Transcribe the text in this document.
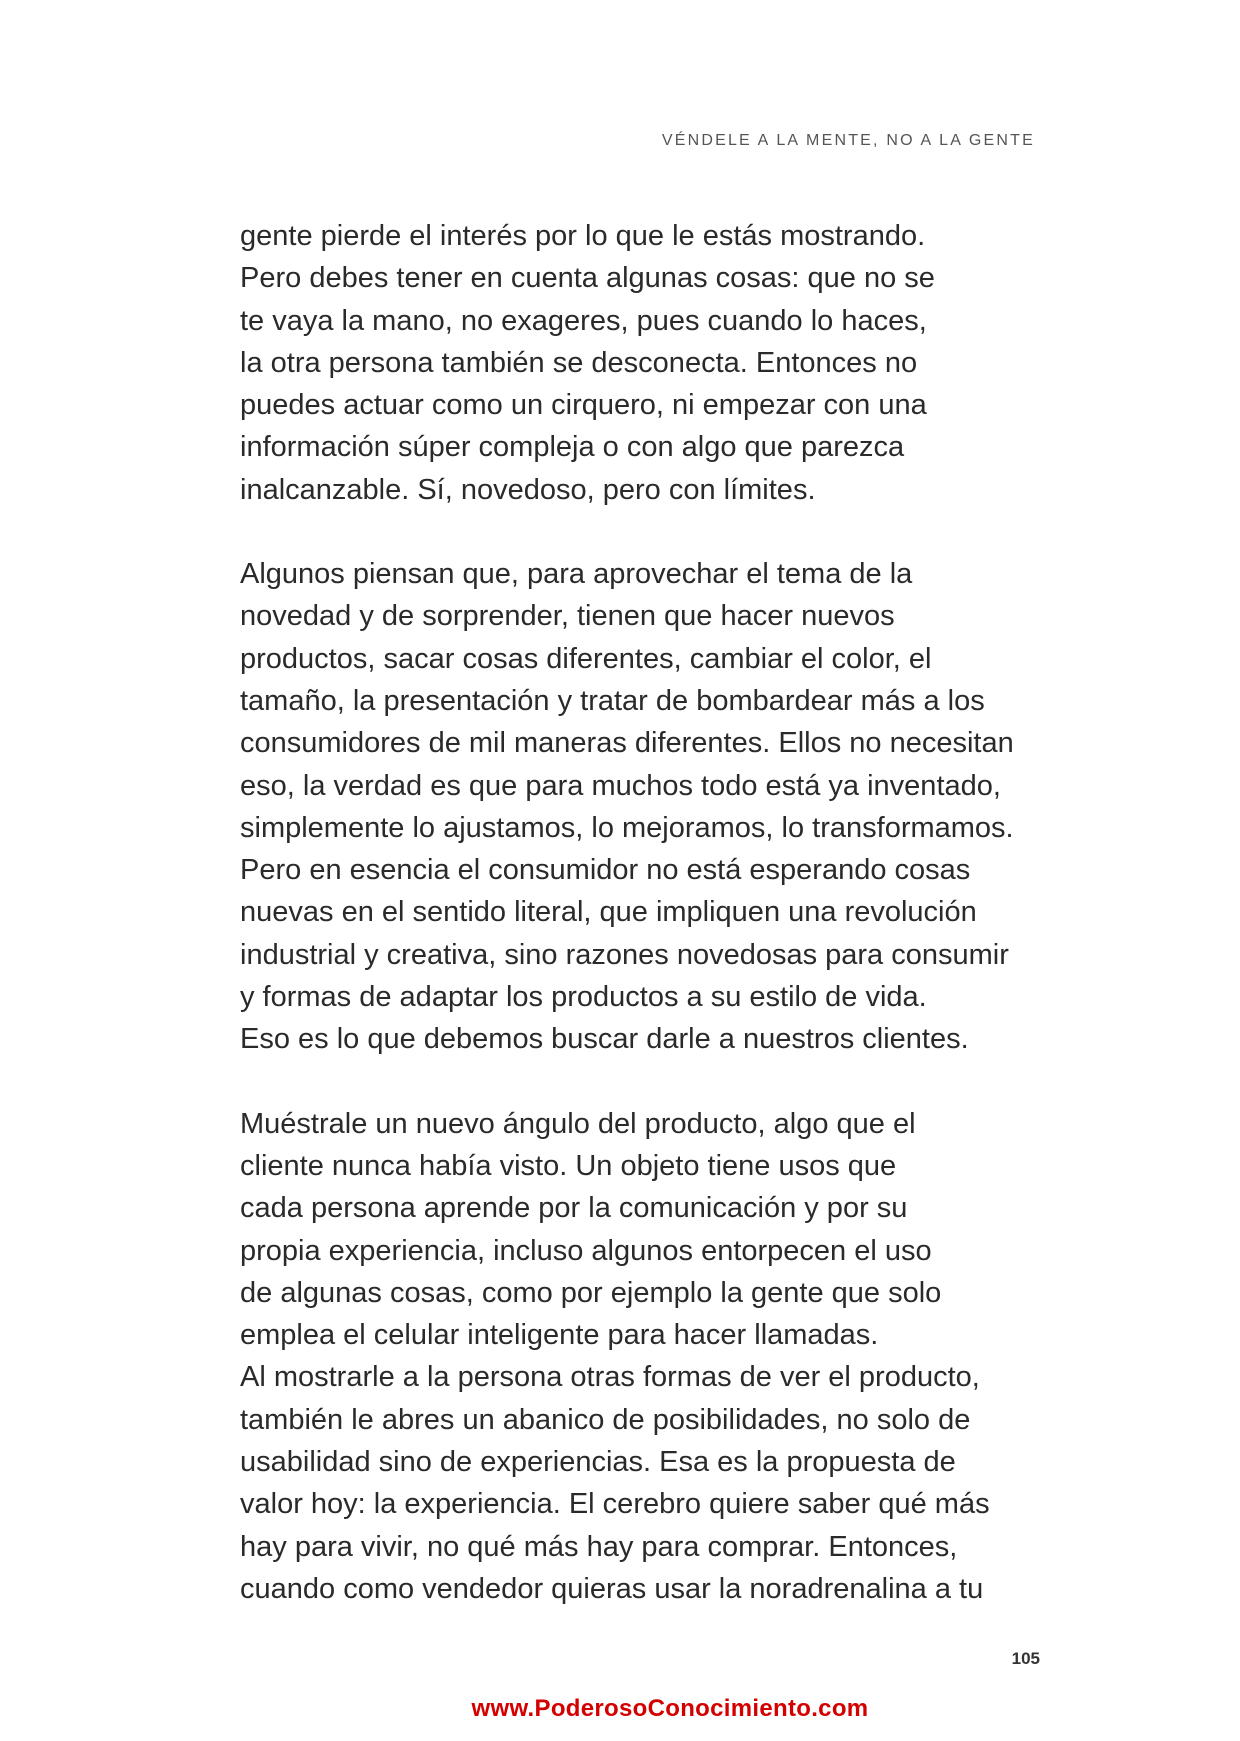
VÉNDELE A LA MENTE, NO A LA GENTE
gente pierde el interés por lo que le estás mostrando.
Pero debes tener en cuenta algunas cosas: que no se
te vaya la mano, no exageres, pues cuando lo haces,
la otra persona también se desconecta. Entonces no
puedes actuar como un cirquero, ni empezar con una
información súper compleja o con algo que parezca
inalcanzable. Sí, novedoso, pero con límites.
Algunos piensan que, para aprovechar el tema de la
novedad y de sorprender, tienen que hacer nuevos
productos, sacar cosas diferentes, cambiar el color, el
tamaño, la presentación y tratar de bombardear más a los
consumidores de mil maneras diferentes. Ellos no necesitan
eso, la verdad es que para muchos todo está ya inventado,
simplemente lo ajustamos, lo mejoramos, lo transformamos.
Pero en esencia el consumidor no está esperando cosas
nuevas en el sentido literal, que impliquen una revolución
industrial y creativa, sino razones novedosas para consumir
y formas de adaptar los productos a su estilo de vida.
Eso es lo que debemos buscar darle a nuestros clientes.
Muéstrale un nuevo ángulo del producto, algo que el
cliente nunca había visto. Un objeto tiene usos que
cada persona aprende por la comunicación y por su
propia experiencia, incluso algunos entorpecen el uso
de algunas cosas, como por ejemplo la gente que solo
emplea el celular inteligente para hacer llamadas.
Al mostrarle a la persona otras formas de ver el producto,
también le abres un abanico de posibilidades, no solo de
usabilidad sino de experiencias. Esa es la propuesta de
valor hoy: la experiencia. El cerebro quiere saber qué más
hay para vivir, no qué más hay para comprar. Entonces,
cuando como vendedor quieras usar la noradrenalina a tu
105
www.PoderosoConocimiento.com
